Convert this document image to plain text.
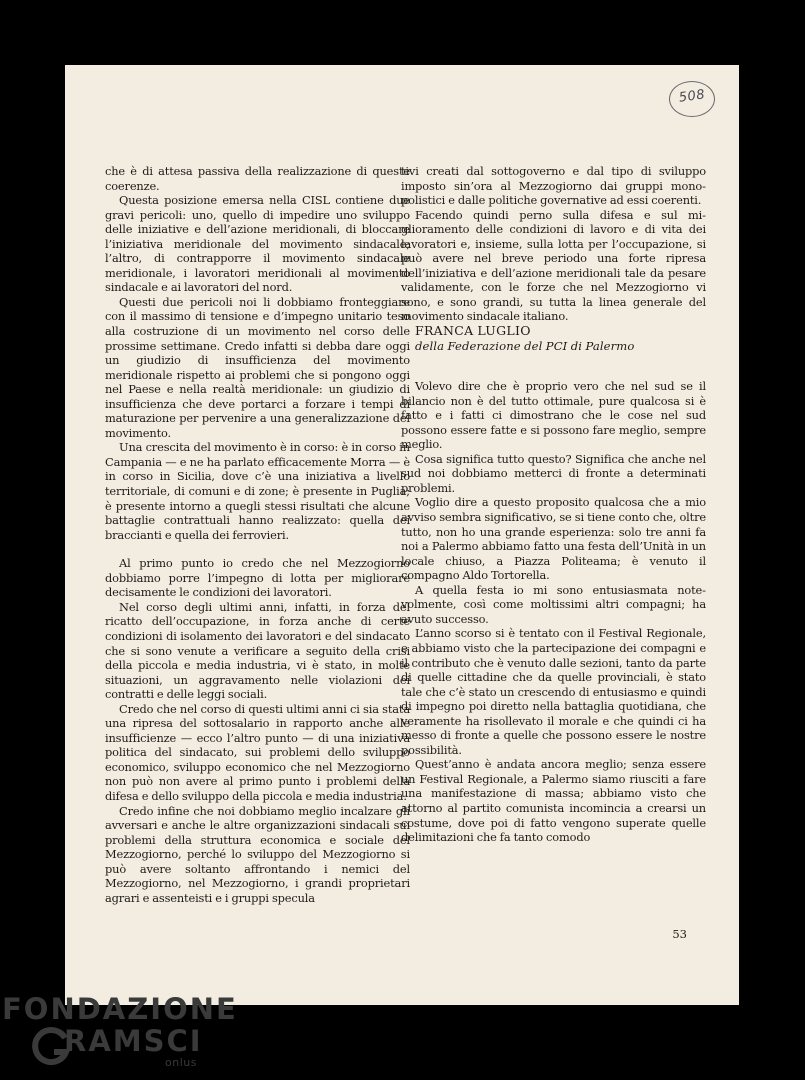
508

che è di attesa passiva della realizzazione di queste coerenze.

Questa posizione emersa nella CISL contiene due gravi pericoli: uno, quello di impedire uno sviluppo delle iniziative e dell’azione meridionali, di bloccare l’iniziativa meridionale del movimento sindacale; l’altro, di contrapporre il movimento sindacale meridionale, i lavoratori meridionali al movimento sindacale e ai lavoratori del nord.

Questi due pericoli noi li dobbiamo fronteggiare con il massimo di tensione e d’impegno unitario teso alla costruzione di un movimento nel corso delle prossime settimane. Credo infatti si debba dare oggi un giudizio di insufficienza del movimento meridionale rispetto ai problemi che si pongono oggi nel Paese e nella realtà meridionale: un giudizio di insufficienza che deve portarci a forzare i tempi di maturazione per pervenire a una generalizzazione del movimento.

Una crescita del movimento è in corso: è in corso in Campania — e ne ha parlato efficacemente Morra — è in corso in Sicilia, dove c’è una iniziativa a livello territoriale, di comuni e di zone; è presente in Puglia; è presente intorno a quegli stessi risultati che alcune battaglie contrattuali hanno realizzato: quella dei braccianti e quella dei ferrovieri.

Al primo punto io credo che nel Mezzogiorno dobbiamo porre l’impegno di lotta per migliorare decisamente le condizioni dei lavoratori.

Nel corso degli ultimi anni, infatti, in forza del ricatto dell’occupazione, in forza anche di certe condizioni di isolamento dei lavoratori e del sindacato che si sono venute a verificare a seguito della crisi della piccola e media industria, vi è stato, in molte situazioni, un aggravamento nelle violazioni dei contratti e delle leggi sociali.

Credo che nel corso di questi ultimi anni ci sia stata una ripresa del sottosalario in rapporto anche alle insufficienze — ecco l’altro punto — di una iniziativa politica del sindacato, sui problemi dello sviluppo economico, sviluppo economico che nel Mezzogiorno non può non avere al primo punto i problemi della difesa e dello sviluppo della piccola e media industria.

Credo infine che noi dobbiamo meglio incalzare gli avversari e anche le altre organizzazioni sindacali sui problemi della struttura economica e sociale del Mezzogiorno, perché lo sviluppo del Mezzogiorno si può avere soltanto affrontando i nemici del Mezzogiorno, nel Mezzogiorno, i grandi proprietari agrari e assenteisti e i gruppi specula

tivi creati dal sottogoverno e dal tipo di sviluppo imposto sin’ora al Mezzogiorno dai gruppi monopolistici e dalle politiche governative ad essi coerenti.

Facendo quindi perno sulla difesa e sul miglioramento delle condizioni di lavoro e di vita dei lavoratori e, insieme, sulla lotta per l’occupazione, si può avere nel breve periodo una forte ripresa dell’iniziativa e dell’azione meridionali tale da pesare validamente, con le forze che nel Mezzogiorno vi sono, e sono grandi, su tutta la linea generale del movimento sindacale italiano.

FRANCA LUGLIO

della Federazione del PCI di Palermo

Volevo dire che è proprio vero che nel sud se il bilancio non è del tutto ottimale, pure qualcosa si è fatto e i fatti ci dimostrano che le cose nel sud possono essere fatte e si possono fare meglio, sempre meglio.

Cosa significa tutto questo? Significa che anche nel sud noi dobbiamo metterci di fronte a determinati problemi.

Voglio dire a questo proposito qualcosa che a mio avviso sembra significativo, se si tiene conto che, oltre tutto, non ho una grande esperienza: solo tre anni fa noi a Palermo abbiamo fatto una festa dell’Unità in un locale chiuso, a Piazza Politeama; è venuto il compagno Aldo Tortorella.

A quella festa io mi sono entusiasmata notevolmente, così come moltissimi altri compagni; ha avuto successo.

L’anno scorso si è tentato con il Festival Regionale, e abbiamo visto che la partecipazione dei compagni e il contributo che è venuto dalle sezioni, tanto da parte di quelle cittadine che da quelle provinciali, è stato tale che c’è stato un crescendo di entusiasmo e quindi di impegno poi diretto nella battaglia quotidiana, che veramente ha risollevato il morale e che quindi ci ha messo di fronte a quelle che possono essere le nostre possibilità.

Quest’anno è andata ancora meglio; senza essere un Festival Regionale, a Palermo siamo riusciti a fare una manifestazione di massa; abbiamo visto che attorno al partito comunista incomincia a crearsi un costume, dove poi di fatto vengono superate quelle delimitazioni che fa tanto comodo

53
FONDAZIONE
RAMSCI
onlus
